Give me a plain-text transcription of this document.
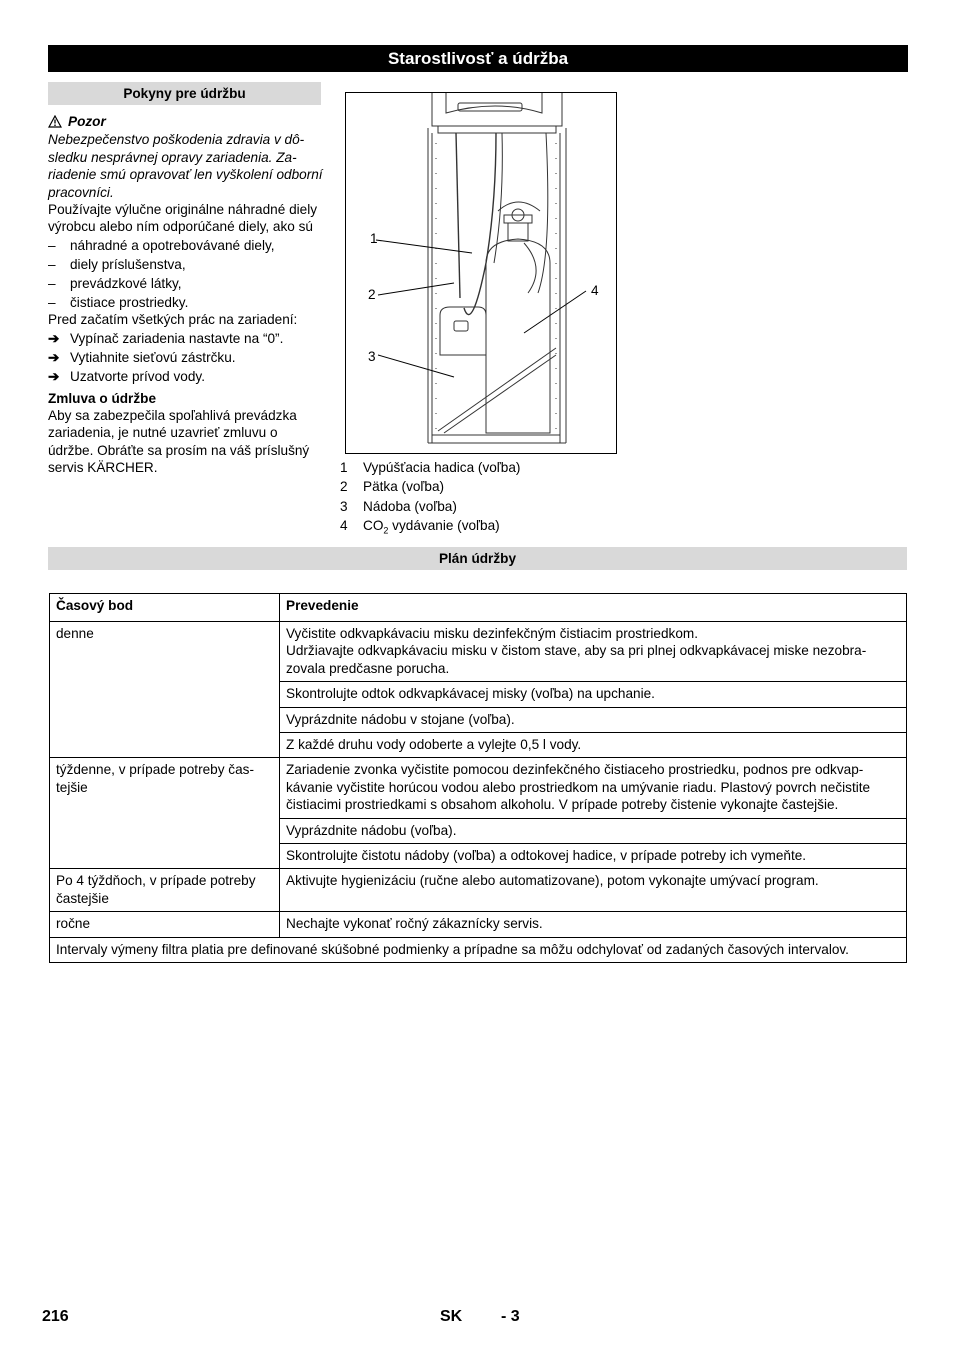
Starostlivosť a údržba
Pokyny pre údržbu
Pozor

Nebezpečenstvo poškodenia zdravia v dô-sledku nesprávnej opravy zariadenia. Za-riadenie smú opravovať len vyškolení odborní pracovníci.

Používajte výlučne originálne náhradné diely výrobcu alebo ním odporúčané diely, ako sú

–	náhradné a opotrebovávané diely,
–	diely príslušenstva,
–	prevádzkové látky,
–	čistiace prostriedky.

Pred začatím všetkých prác na zariadení:

➔ Vypínač zariadenia nastavte na “0”.
➔ Vytiahnite sieťovú zástrčku.
➔ Uzatvorte prívod vody.

Zmluva o údržbe

Aby sa zabezpečila spoľahlivá prevádzka zariadenia, je nutné uzavrieť zmluvu o údržbe. Obráťte sa prosím na váš príslušný servis KÄRCHER.

1
2
3
4
1	Vypúšťacia hadica (voľba)
2	Pätka (voľba)
3	Nádoba (voľba)
4	$CO_2$ vydávanie (voľba)
Plán údržby
Časový bod	Prevedenie
denne	Vyčistite odkvapkávaciu misku dezinfekčným čistiacim prostriedkom.
Udržiavajte odkvapkávaciu misku v čistom stave, aby sa pri plnej odkvapkávacej miske nezobra-zovala predčasne porucha.
	Skontrolujte odtok odkvapkávacej misky (voľba) na upchanie.
	Vyprázdnite nádobu v stojane (voľba).
	Z každé druhu vody odoberte a vylejte 0,5 l vody.
týždenne, v prípade potreby čas-tejšie	Zariadenie zvonka vyčistite pomocou dezinfekčného čistiaceho prostriedku, podnos pre odkvap-kávanie vyčistite horúcou vodou alebo prostriedkom na umývanie riadu. Plastový povrch nečistite čistiacimi prostriedkami s obsahom alkoholu. V prípade potreby čistenie vykonajte častejšie.
	Vyprázdnite nádobu (voľba).
	Skontrolujte čistotu nádoby (voľba) a odtokovej hadice, v prípade potreby ich vymeňte.
Po 4 týždňoch, v prípade potreby častejšie	Aktivujte hygienizáciu (ručne alebo automatizovane), potom vykonajte umývací program.
ročne	Nechajte vykonať ročný zákaznícky servis.
Intervaly výmeny filtra platia pre definované skúšobné podmienky a prípadne sa môžu odchylovať od zadaných časových intervalov.	
216	SK - 3
